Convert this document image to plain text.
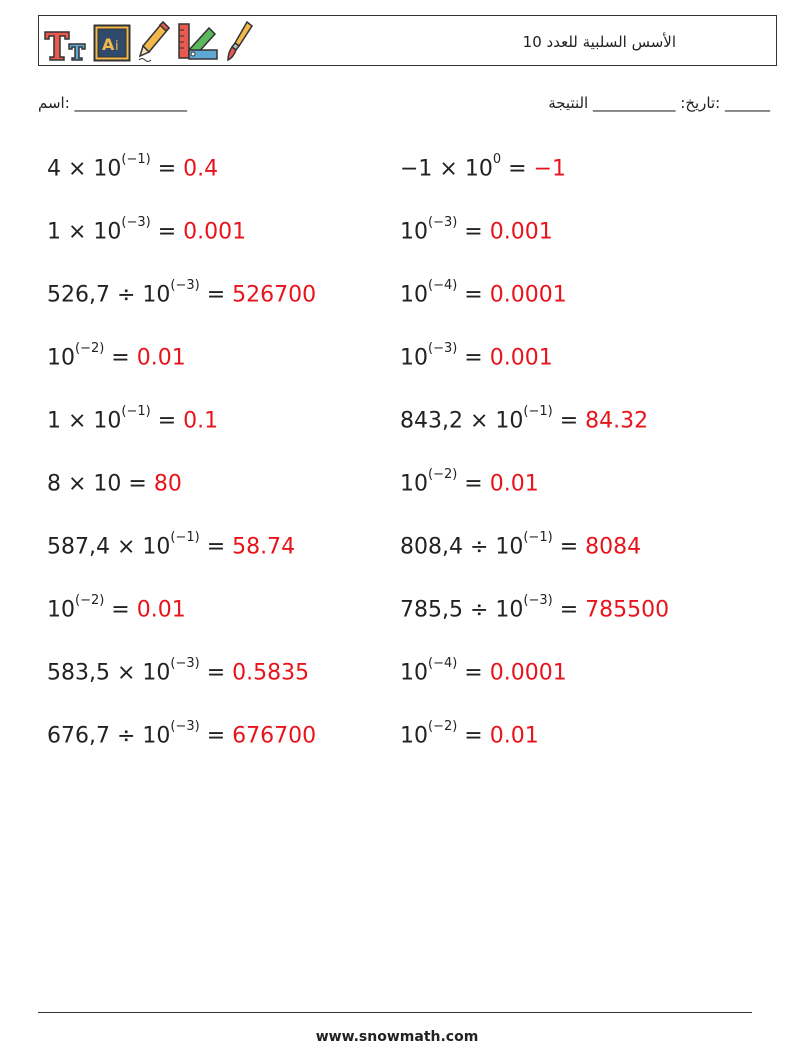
A i	الأسس السلبية للعدد 10
اسم: _______________	______ :تاريخ: ___________ النتيجة
$4 \times 10^{(-1)} = 0.4$
$1 \times 10^{(-3)} = 0.001$
$526,7 \div 10^{(-3)} = 526700$
$10^{(-2)} = 0.01$
$1 \times 10^{(-1)} = 0.1$
8 × 10 = 80
$587,4 \times 10^{(-1)} = 58.74$
$10^{(-2)} = 0.01$
$583,5 \times 10^{(-3)} = 0.5835$
$676,7 \div 10^{(-3)} = 676700$
$-1 \times 10^0 = -1$
$10^{(-3)} = 0.001$
$10^{(-4)} = 0.0001$
$10^{(-3)} = 0.001$
$843,2 \times 10^{(-1)} = 84.32$
$10^{(-2)} = 0.01$
$808,4 \div 10^{(-1)} = 8084$
$785,5 \div 10^{(-3)} = 785500$
$10^{(-4)} = 0.0001$
$10^{(-2)} = 0.01$
www.snowmath.com
